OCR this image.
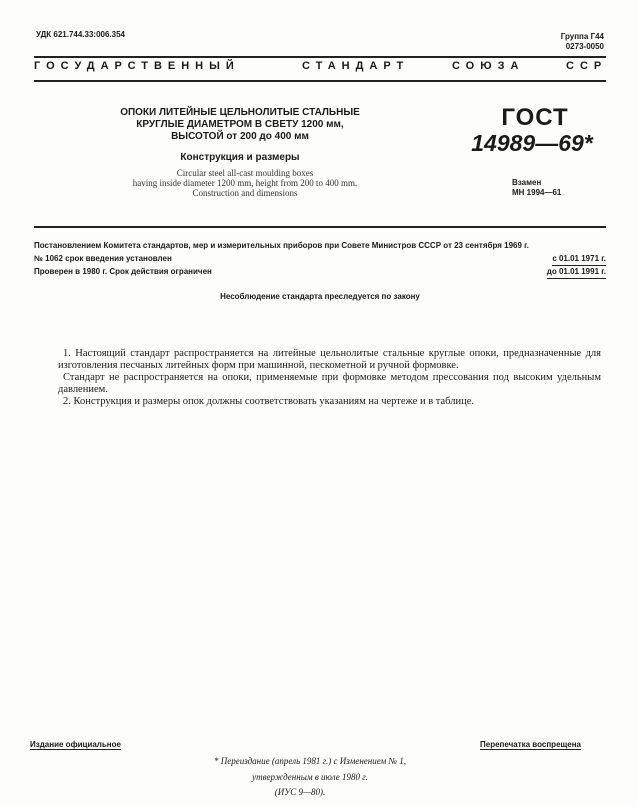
УДК 621.744.33:006.354	Группа Г44
0273-0050
ГОСУДАРСТВЕННЫЙ	СТАНДАРТ	СОЮЗА	ССР
ОПОКИ ЛИТЕЙНЫЕ ЦЕЛЬНОЛИТЫЕ СТАЛЬНЫЕ
КРУГЛЫЕ ДИАМЕТРОМ В СВЕТУ 1200 мм,
ВЫСОТОЙ от 200 до 400 мм
Конструкция и размеры
Circular steel all-cast moulding boxes
having inside diameter 1200 mm, height from 200 to 400 mm.
Construction and dimensions
ГОСТ
14989—69*
Взамен
МН 1994—61
Постановлением Комитета стандартов, мер и измерительных приборов при Совете Министров СССР от 23 сентября 1969 г.
№ 1062 срок введения установлен	с 01.01 1971 г.
Проверен в 1980 г. Срок действия ограничен	до 01.01 1991 г.
Несоблюдение стандарта преследуется по закону

1. Настоящий стандарт распространяется на литейные цельнолитые стальные круглые опоки, предназначенные для изготовления песчаных литейных форм при машинной, пескометной и ручной формовке.

Стандарт не распространяется на опоки, применяемые при формовке методом прессования под высоким удельным давлением.

2. Конструкция и размеры опок должны соответствовать указаниям на чертеже и в таблице.

Издание официальное	Перепечатка воспрещена
* Переиздание (апрель 1981 г.) с Изменением № 1,
утвержденным в июле 1980 г.
(ИУС 9—80).
